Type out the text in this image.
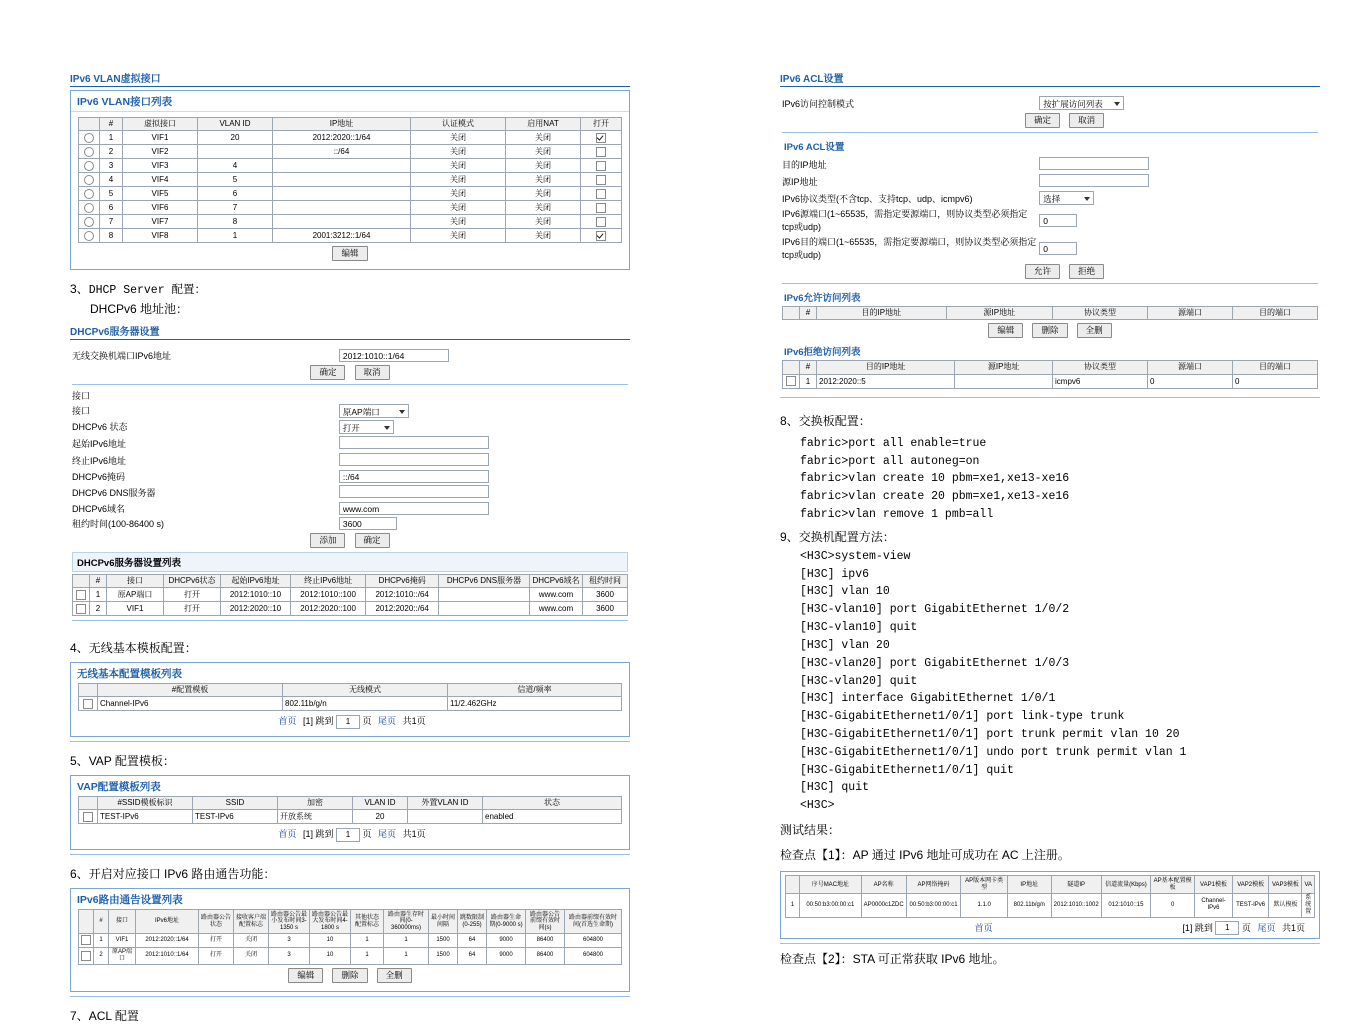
IPv6 VLAN虚拟接口
IPv6 VLAN接口列表
	#	虚拟接口	VLAN ID	IP地址	认证模式	启用NAT	打开
	1	VIF1	20	2012:2020::1/64	关闭	关闭	
	2	VIF2		::/64	关闭	关闭	
	3	VIF3	4		关闭	关闭	
	4	VIF4	5		关闭	关闭	
	5	VIF5	6		关闭	关闭	
	6	VIF6	7		关闭	关闭	
	7	VIF7	8		关闭	关闭	
	8	VIF8	1	2001:3212::1/64	关闭	关闭	
编辑
3、DHCP Server 配置：
DHCPv6 地址池：
DHCPv6服务器设置
无线交换机端口IPv6地址	2012:1010::1/64
确定	取消
接口
接口	原AP端口
DHCPv6 状态	打开
起始IPv6地址
终止IPv6地址
DHCPv6掩码	::/64
DHCPv6 DNS服务器
DHCPv6域名	www.com
租约时间(100-86400 s)	3600
添加	确定
DHCPv6服务器设置列表
	#	接口	DHCPv6状态	起始IPv6地址	终止IPv6地址	DHCPv6掩码	DHCPv6 DNS服务器	DHCPv6域名	租约时间
	1	原AP端口	打开	2012:1010::10	2012:1010::100	2012:1010::/64		www.com	3600
	2	VIF1	打开	2012:2020::10	2012:2020::100	2012:2020::/64		www.com	3600
4、无线基本模板配置：
无线基本配置模板列表
	#配置模板	无线模式	信道/频率
	Channel-IPv6	802.11b/g/n	11/2.462GHz
首页 [1] 跳到 1 页 尾页 共1页
5、VAP 配置模板：
VAP配置模板列表
	#SSID模板标识	SSID	加密	VLAN ID	外置VLAN ID	状态
	TEST-IPv6	TEST-IPv6	开放系统	20		enabled
首页 [1] 跳到 1 页 尾页 共1页
6、开启对应接口 IPv6 路由通告功能：
IPv6路由通告设置列表
	#	接口	IPv6地址	路由器公告状态	接收客户端配置标志	路由器公告最小发布时间3-1350 s	路由器公告最大发布时间4-1800 s	其他状态配置标志	路由器生存时间(0-360000ms)	最小时间间隔	跳数限制(0-255)	路由器生命期(0-9000 s)	路由器公告前缀有效时间(s)	路由器前缀有效时间(首选生命期)
	1	VIF1	2012:2020::1/64	打开	关闭	3	10	1	1	1500	64	9000	86400	604800
	2	原AP端口	2012:1010::1/64	打开	关闭	3	10	1	1	1500	64	9000	86400	604800
编辑	删除	全删
7、ACL 配置
IPv6 ACL设置
IPv6访问控制模式	按扩展访问列表
确定	取消
IPv6 ACL设置
目的IP地址
源IP地址
IPv6协议类型(不含tcp、支持tcp、udp、icmpv6)	选择
IPv6源端口(1~65535，需指定要源端口，则协议类型必须指定tcp或udp)
0
IPv6目的端口(1~65535，需指定要源端口，则协议类型必须指定tcp或udp)
0
允许	拒绝
IPv6允许访问列表
	#	目的IP地址	源IP地址	协议类型	源端口	目的端口
编辑	删除	全删
IPv6拒绝访问列表
	#	目的IP地址	源IP地址	协议类型	源端口	目的端口
	1	2012:2020::5		icmpv6	0	0
8、交换板配置：
fabric>port all enable=true
fabric>port all autoneg=on
fabric>vlan create 10 pbm=xe1,xe13-xe16
fabric>vlan create 20 pbm=xe1,xe13-xe16
fabric>vlan remove 1 pmb=all
9、交换机配置方法：
<H3C>system-view
[H3C] ipv6
[H3C] vlan 10
[H3C-vlan10] port GigabitEthernet 1/0/2
[H3C-vlan10] quit
[H3C] vlan 20
[H3C-vlan20] port GigabitEthernet 1/0/3
[H3C-vlan20] quit
[H3C] interface GigabitEthernet 1/0/1
[H3C-GigabitEthernet1/0/1] port link-type trunk
[H3C-GigabitEthernet1/0/1] port trunk permit vlan 10 20
[H3C-GigabitEthernet1/0/1] undo port trunk permit vlan 1
[H3C-GigabitEthernet1/0/1] quit
[H3C] quit
<H3C>
测试结果：
检查点【1】：AP 通过 IPv6 地址可成功在 AC 上注册。
	序号MAC地址	AP名称	AP网络掩码	AP版本网卡类型	IP地址	隧道IP	信道流量(Kbps)	AP基本配置模板	VAP1模板	VAP2模板	VAP3模板	VA
1	00:50:b3:00:00:c1	AP0000c1ZDC	00:50:b3:00:00:c1	1.1.0	802.11b/g/n	2012:1010::1002	012:1010::15	0	Channel-IPv6	TEST-IPv6	默认模板	系统置
首页	[1] 跳到 1 页 尾页 共1页
检查点【2】：STA 可正常获取 IPv6 地址。
